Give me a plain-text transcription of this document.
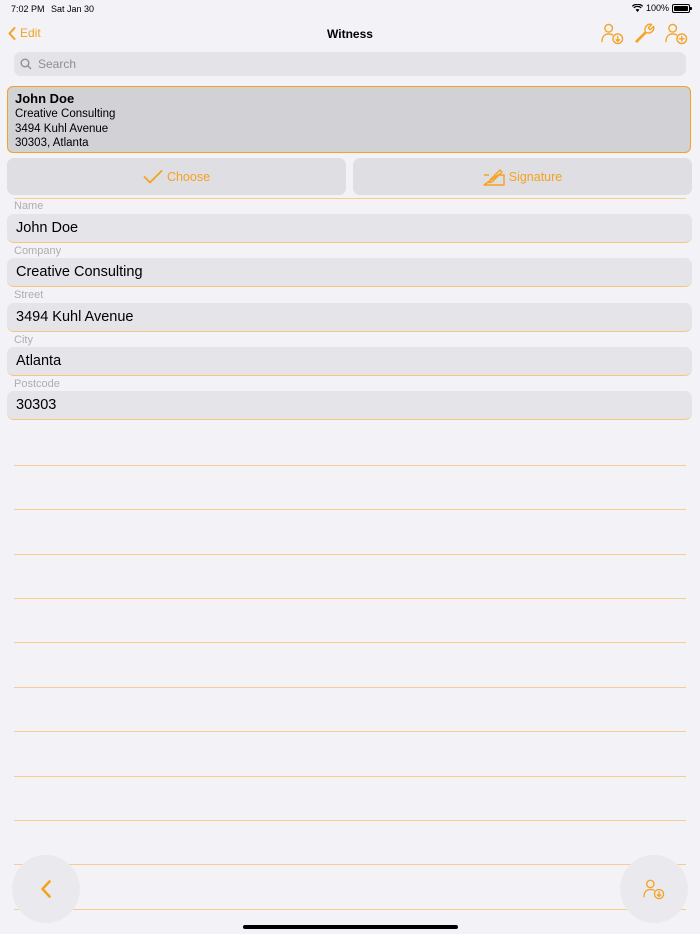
7:02 PM Sat Jan 30	100%
Edit	Witness
Search
John Doe
Creative Consulting
3494 Kuhl Avenue
30303, Atlanta
Choose	Signature
Name
John Doe
Company
Creative Consulting
Street
3494 Kuhl Avenue
City
Atlanta
Postcode
30303
